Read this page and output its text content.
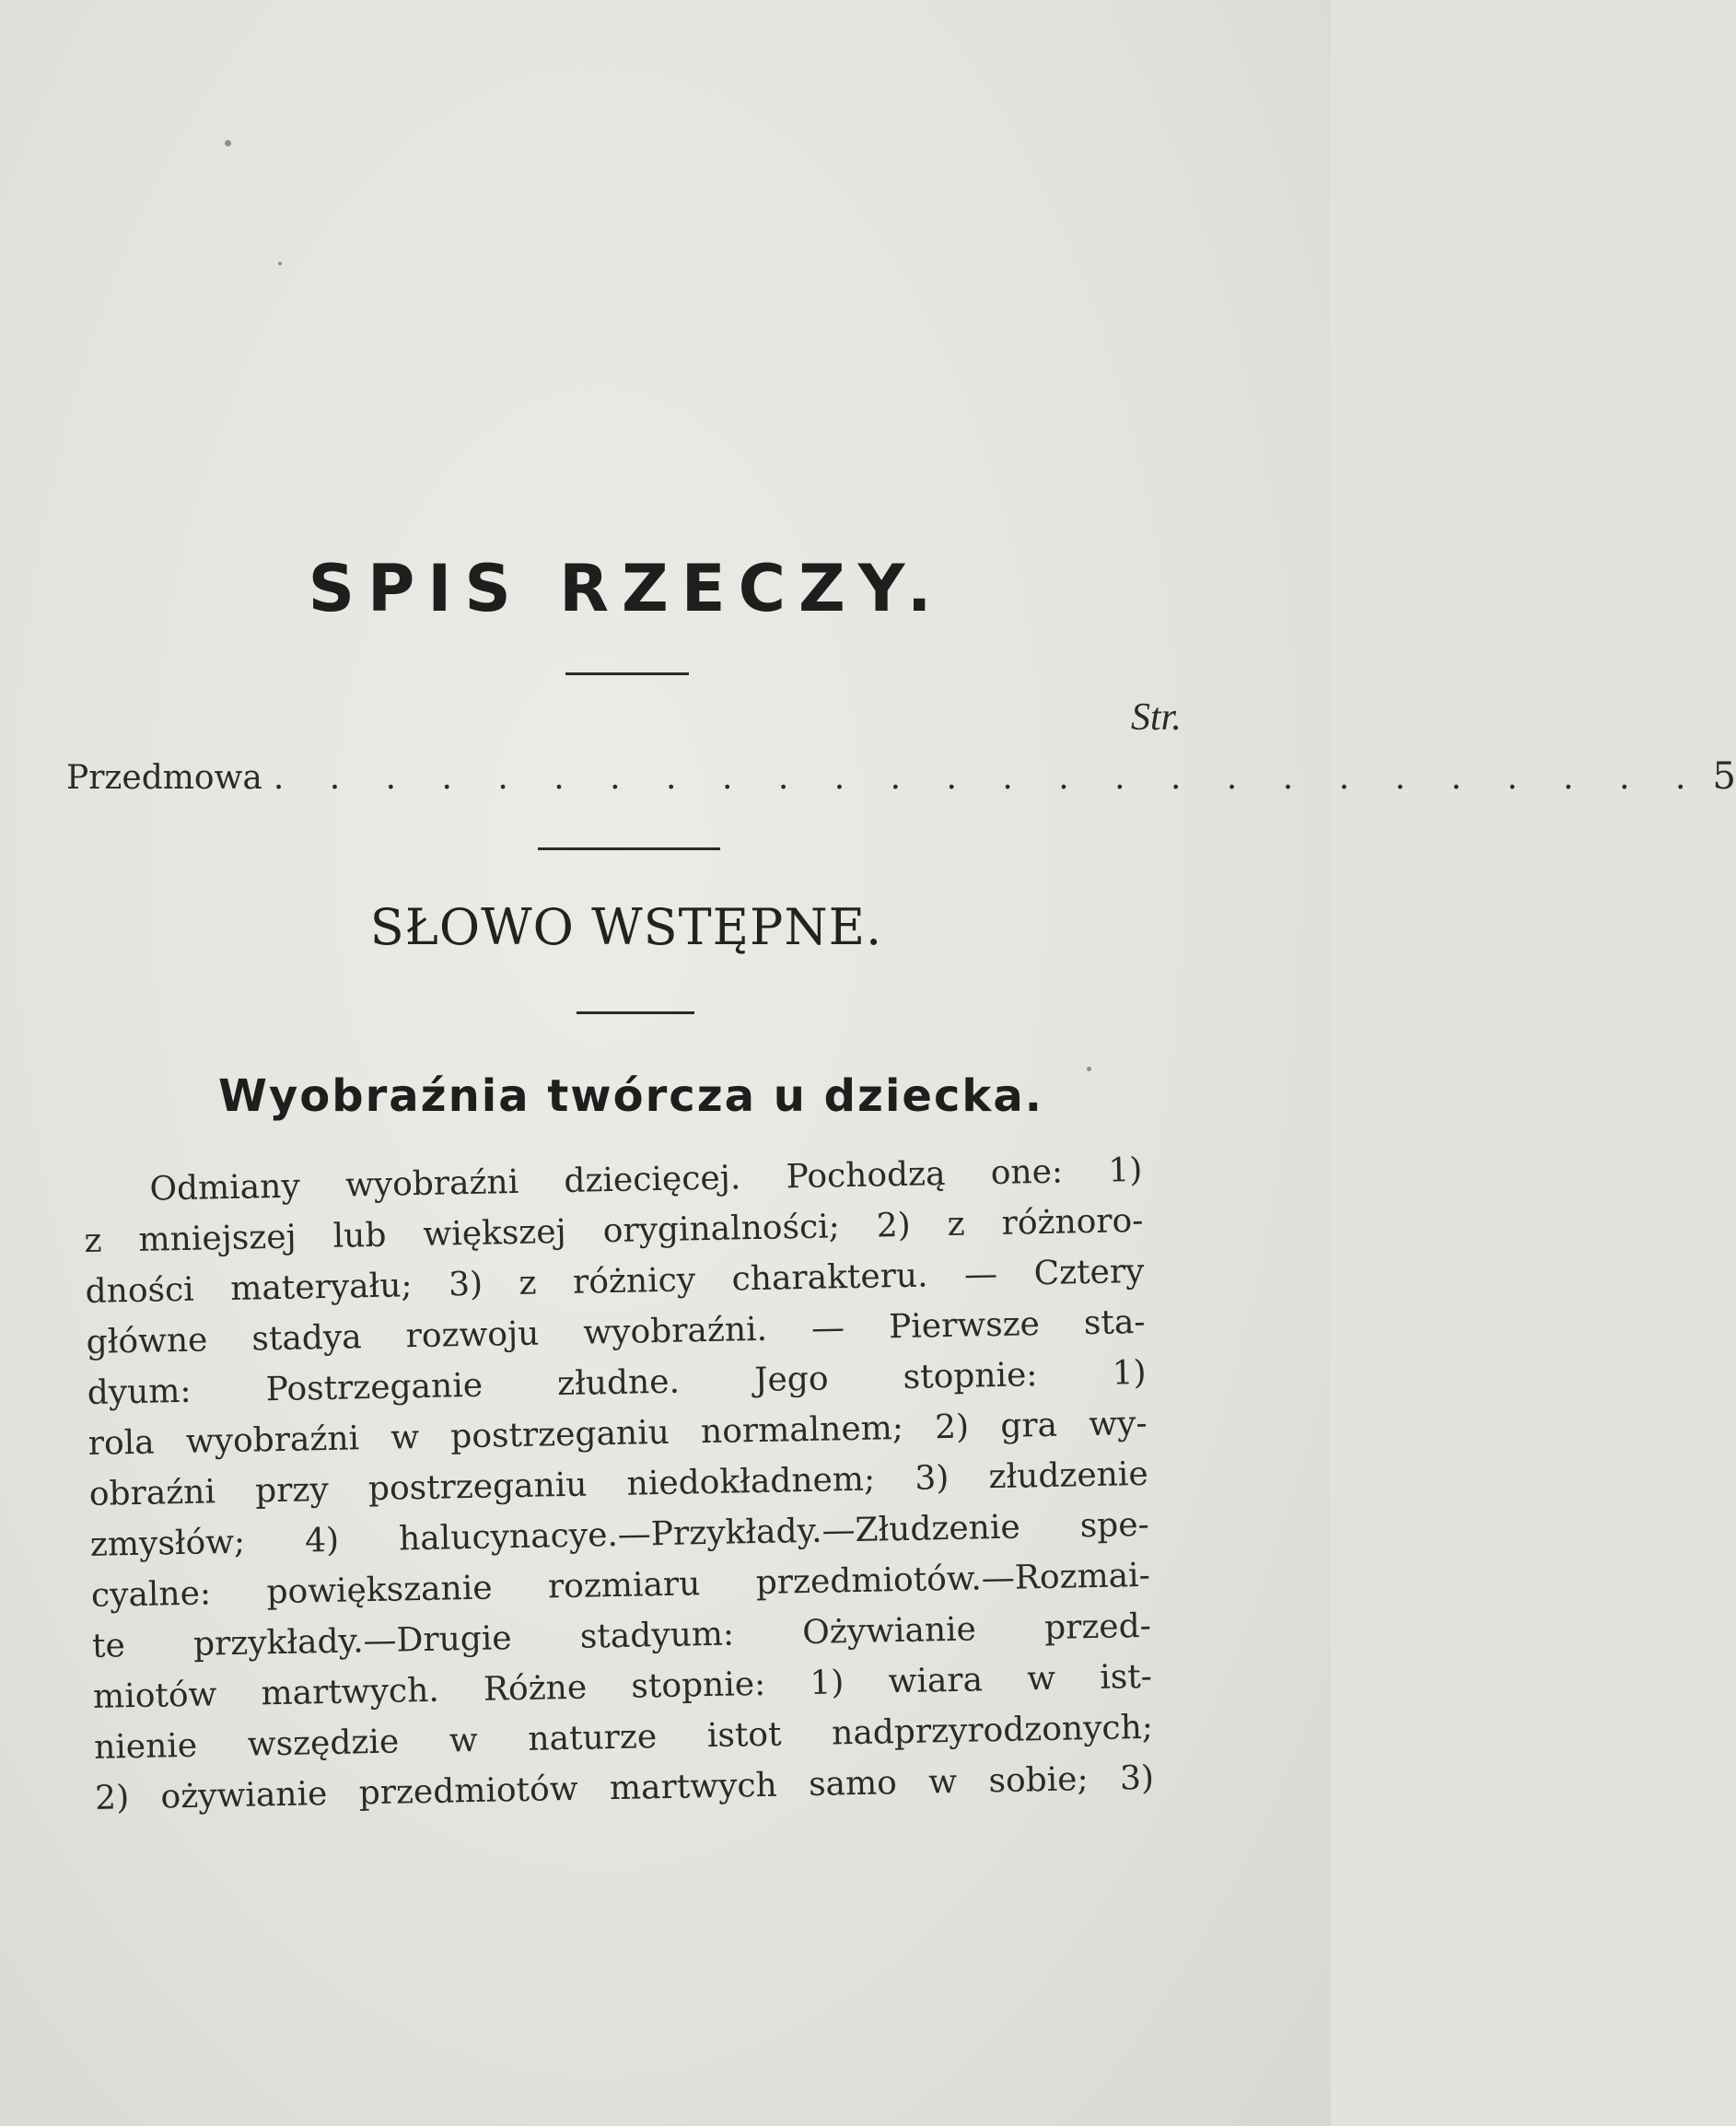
SPIS RZECZY.
Str.
Przedmowa . . . . . . . . . . . . . . . . . . . . . . . . . . 5
SŁOWO WSTĘPNE.
Wyobraźnia twórcza u dziecka.
Odmiany wyobraźni dziecięcej. Pochodzą one: 1)
z mniejszej lub większej oryginalności; 2) z różnoro-
dności materyału; 3) z różnicy charakteru. — Cztery
główne stadya rozwoju wyobraźni. — Pierwsze sta-
dyum: Postrzeganie złudne. Jego stopnie: 1)
rola wyobraźni w postrzeganiu normalnem; 2) gra wy-
obraźni przy postrzeganiu niedokładnem; 3) złudzenie
zmysłów; 4) halucynacye.—Przykłady.—Złudzenie spe-
cyalne: powiększanie rozmiaru przedmiotów.—Rozmai-
te przykłady.—Drugie stadyum: Ożywianie przed-
miotów martwych. Różne stopnie: 1) wiara w ist-
nienie wszędzie w naturze istot nadprzyrodzonych;
2) ożywianie przedmiotów martwych samo w sobie; 3)
